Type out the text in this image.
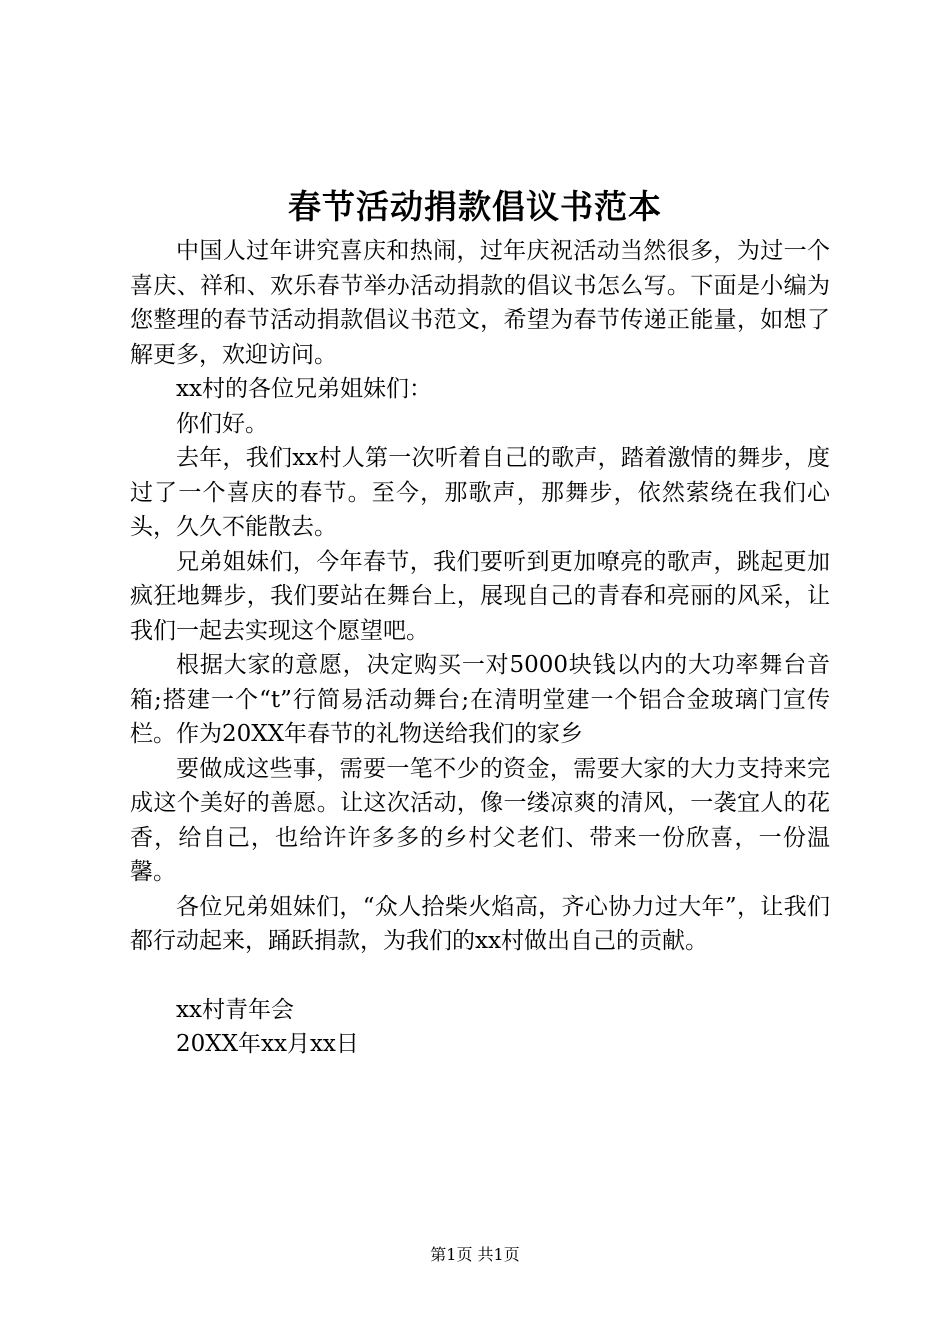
春节活动捐款倡议书范本

中国人过年讲究喜庆和热闹，过年庆祝活动当然很多，为过一个喜庆、祥和、欢乐春节举办活动捐款的倡议书怎么写。下面是小编为您整理的春节活动捐款倡议书范文，希望为春节传递正能量，如想了解更多，欢迎访问。

xx村的各位兄弟姐妹们：

你们好。

去年，我们xx村人第一次听着自己的歌声，踏着激情的舞步，度过了一个喜庆的春节。至今，那歌声，那舞步，依然萦绕在我们心头，久久不能散去。

兄弟姐妹们，今年春节，我们要听到更加嘹亮的歌声，跳起更加疯狂地舞步，我们要站在舞台上，展现自己的青春和亮丽的风采，让我们一起去实现这个愿望吧。

根据大家的意愿，决定购买一对5000块钱以内的大功率舞台音箱;搭建一个“t”行简易活动舞台;在清明堂建一个铝合金玻璃门宣传栏。作为20XX年春节的礼物送给我们的家乡

要做成这些事，需要一笔不少的资金，需要大家的大力支持来完成这个美好的善愿。让这次活动，像一缕凉爽的清风，一袭宜人的花香，给自己，也给许许多多的乡村父老们、带来一份欣喜，一份温馨。

各位兄弟姐妹们，“众人拾柴火焰高，齐心协力过大年”，让我们都行动起来，踊跃捐款，为我们的xx村做出自己的贡献。

xx村青年会

20XX年xx月xx日

第1页 共1页
